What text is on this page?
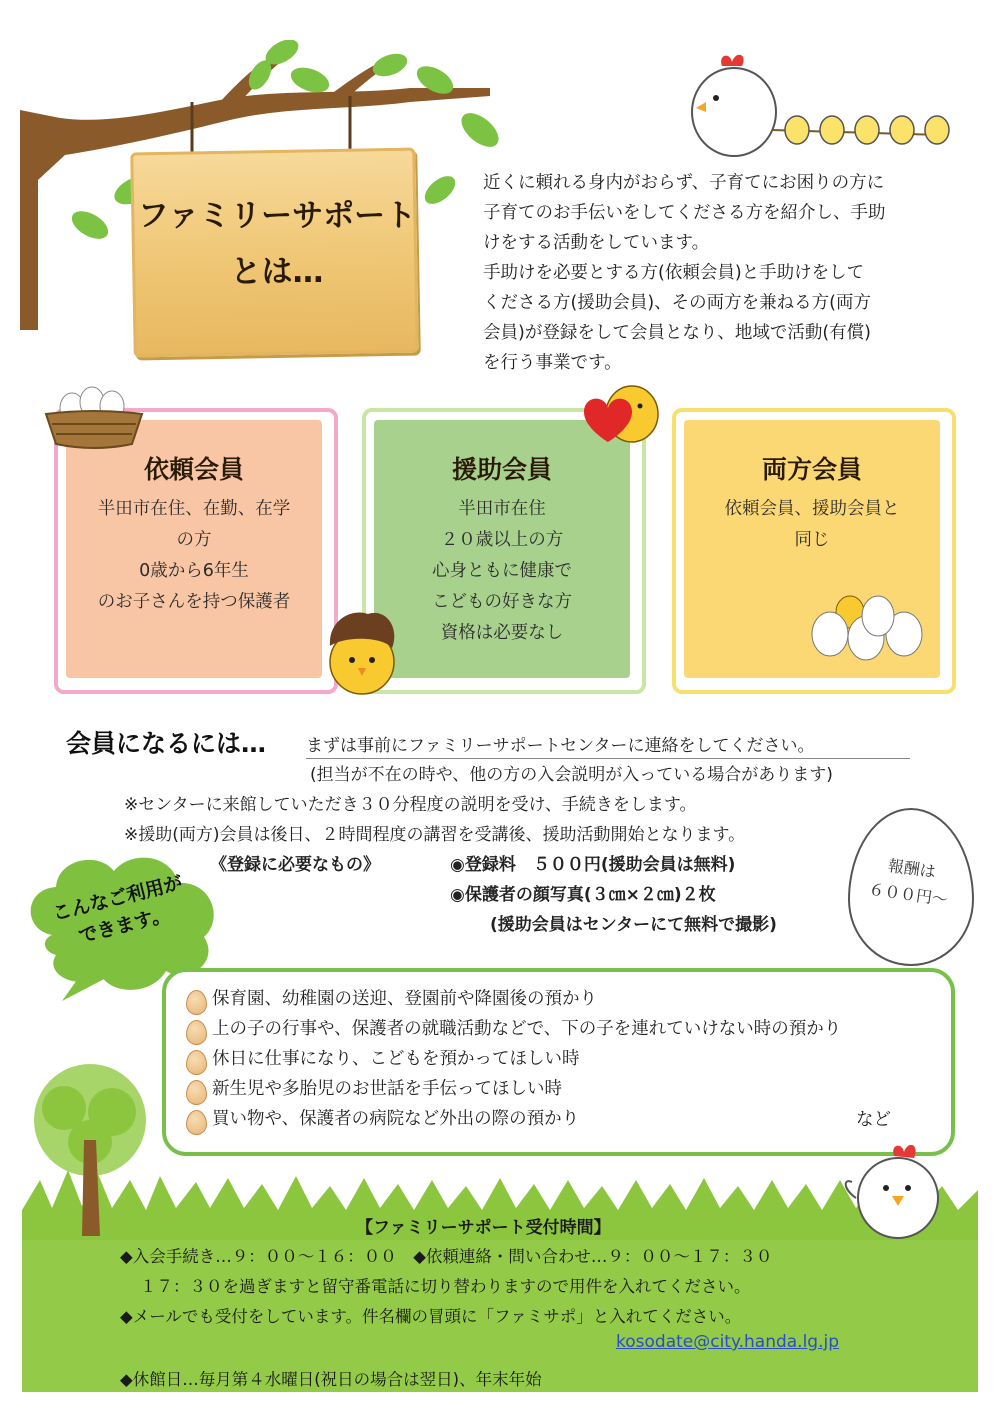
ファミリーサポート
とは…

近くに頼れる身内がおらず、子育てにお困りの方に

子育てのお手伝いをしてくださる方を紹介し、手助

けをする活動をしています。

手助けを必要とする方(依頼会員)と手助けをして

くださる方(援助会員)、その両方を兼ねる方(両方

会員)が登録をして会員となり、地域で活動(有償)

を行う事業です。

依頼会員
半田市在住、在勤、在学
の方
0歳から6年生
のお子さんを持つ保護者
援助会員
半田市在住
２０歳以上の方
心身ともに健康で
こどもの好きな方
資格は必要なし
両方会員
依頼会員、援助会員と
同じ
会員になるには… まずは事前にファミリーサポートセンターに連絡をしてください。
(担当が不在の時や、他の方の入会説明が入っている場合があります)
※センターに来館していただき３０分程度の説明を受け、手続きをします。
※援助(両方)会員は後日、２時間程度の講習を受講後、援助活動開始となります。
《登録に必要なもの》	◉登録料　５００円(援助会員は無料)
◉保護者の顔写真(３㎝×２㎝)２枚
(援助会員はセンターにて無料で撮影)
報酬は
６００円～
こんなご利用が
できます。
保育園、幼稚園の送迎、登園前や降園後の預かり
上の子の行事や、保護者の就職活動などで、下の子を連れていけない時の預かり
休日に仕事になり、こどもを預かってほしい時
新生児や多胎児のお世話を手伝ってほしい時
買い物や、保護者の病院など外出の際の預かり	など
【ファミリーサポート受付時間】
◆入会手続き…９：００～１６：００　◆依頼連絡・問い合わせ…９：００～１７：３０
１７：３０を過ぎますと留守番電話に切り替わりますので用件を入れてください。
◆メールでも受付をしています。件名欄の冒頭に「ファミサポ」と入れてください。
kosodate@city.handa.lg.jp
◆休館日…毎月第４水曜日(祝日の場合は翌日)、年末年始
